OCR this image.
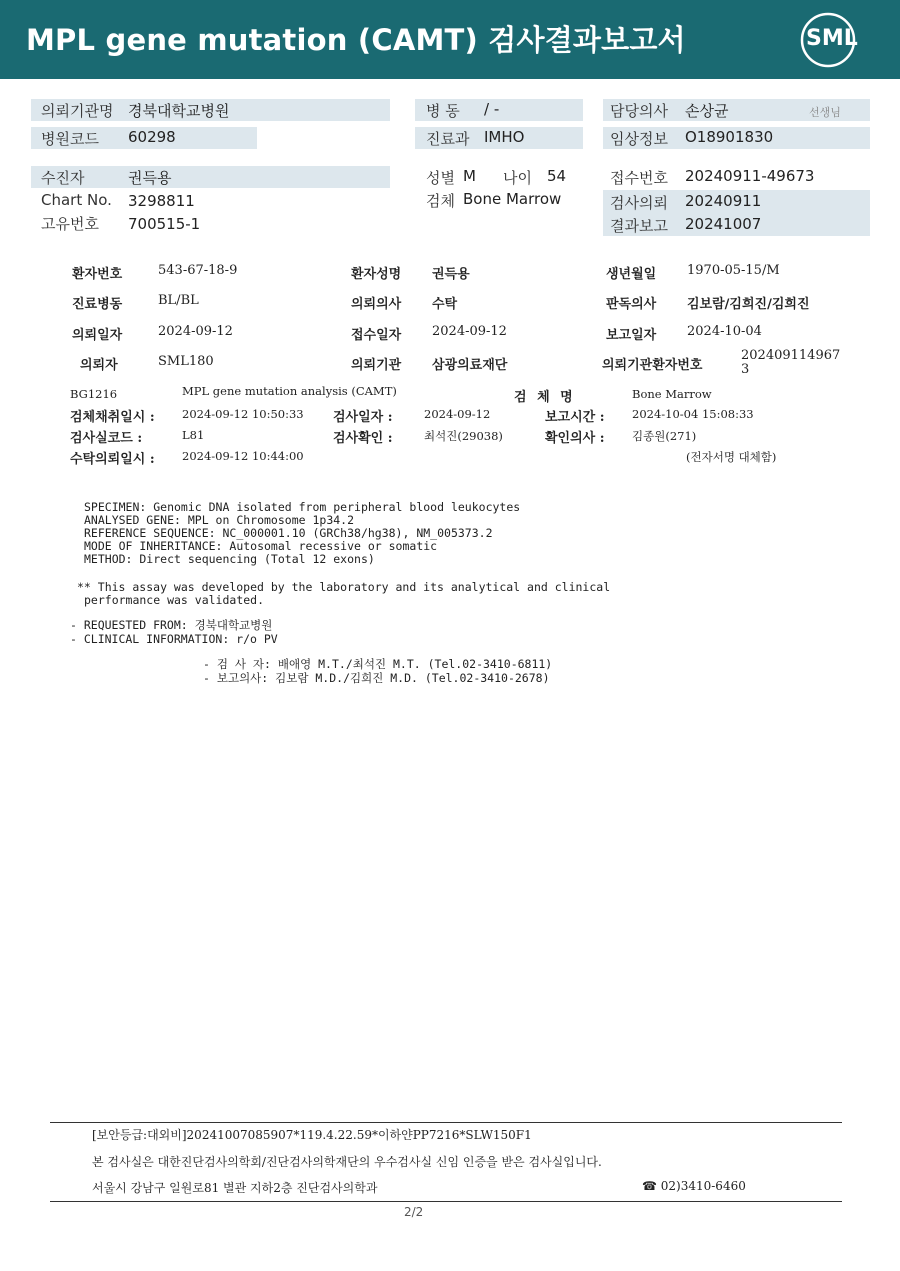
MPL gene mutation (CAMT) 검사결과보고서	SML
의뢰기관명 경북대학교병원
병원코드 60298
병 동 / -
진료과 IMHO
담당의사 손상균	선생님
임상정보 O18901830
수진자	권득용
Chart No. 3298811
고유번호 700515-1
성별 M 나이 54
검체 Bone Marrow
접수번호 20240911-49673
검사의뢰 20240911
결과보고 20241007
환자번호	543-67-18-9	환자성명 권득용	생년월일 1970-05-15/M
진료병동	BL/BL	의뢰의사 수탁	판독의사 김보람/김희진/김희진
의뢰일자	2024-09-12	접수일자 2024-09-12	보고일자 2024-10-04
의뢰자	SML180	의뢰기관 삼광의료재단	의뢰기관환자번호
202409114967
3
BG1216	MPL gene mutation analysis (CAMT)	검 체 명	Bone Marrow
검체채취일시 : 2024-09-12 10:50:33 검사일자 :	2024-09-12	보고시간 : 2024-10-04 15:08:33
검사실코드 :	L81	검사확인 :	최석진(29038)	확인의사 : 김종원(271)
수탁의뢰일시 : 2024-09-12 10:44:00	(전자서명 대체함)
SPECIMEN: Genomic DNA isolated from peripheral blood leukocytes
ANALYSED GENE: MPL on Chromosome 1p34.2
REFERENCE SEQUENCE: NC_000001.10 (GRCh38/hg38), NM_005373.2
MODE OF INHERITANCE: Autosomal recessive or somatic
METHOD: Direct sequencing (Total 12 exons)
** This assay was developed by the laboratory and its analytical and clinical
performance was validated.
- REQUESTED FROM: 경북대학교병원
- CLINICAL INFORMATION: r/o PV
- 검 사 자: 배애영 M.T./최석진 M.T. (Tel.02-3410-6811)
- 보고의사: 김보람 M.D./김희진 M.D. (Tel.02-3410-2678)
[보안등급:대외비]20241007085907*119.4.22.59*이하얀PP7216*SLW150F1
본 검사실은 대한진단검사의학회/진단검사의학재단의 우수검사실 신임 인증을 받은 검사실입니다.
서울시 강남구 일원로81 별관 지하2층 진단검사의학과	☎ 02)3410-6460
2/2
